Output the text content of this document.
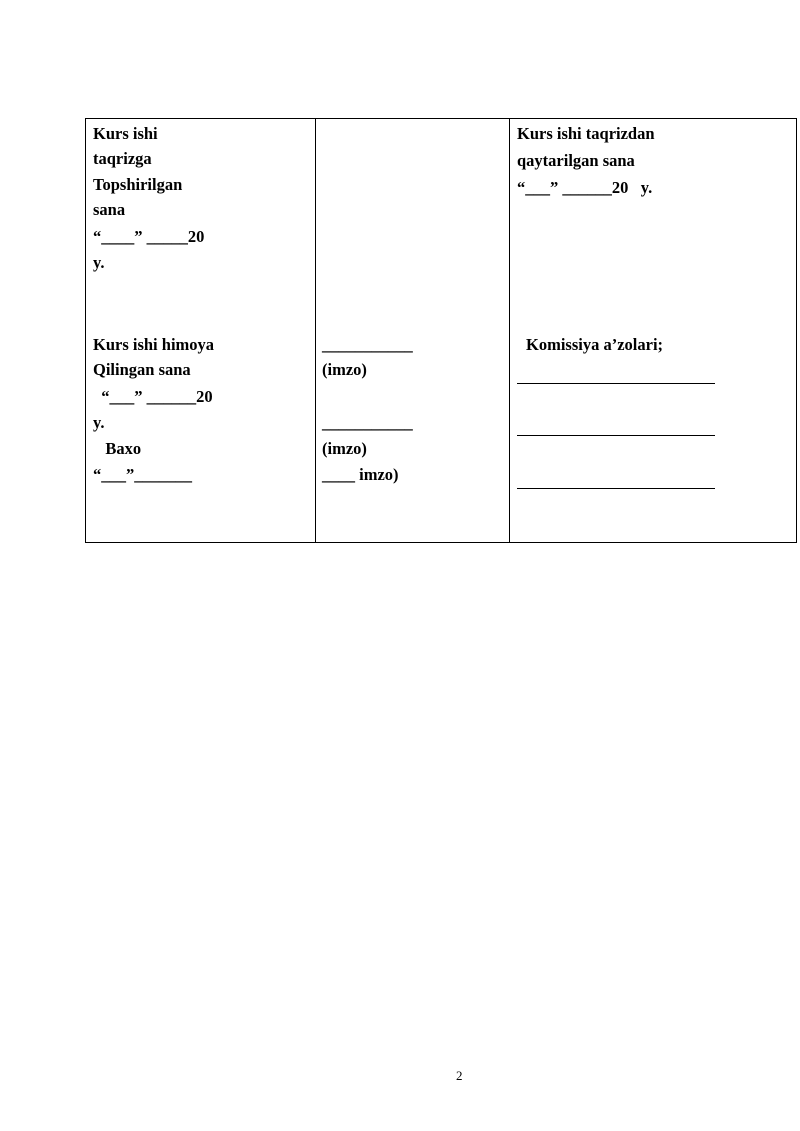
Kurs ishi
taqrizga
Topshirilgan
sana
“____” _____20
y.
Kurs ishi taqrizdan
qaytarilgan sana
“___” ______20   y.
Kurs ishi himoya
Qilingan sana
“___” ______20
y.
Baxo
“___”_______
___________
(imzo)
___________
(imzo)
____ imzo)
Komissiya a’zolari;
2
